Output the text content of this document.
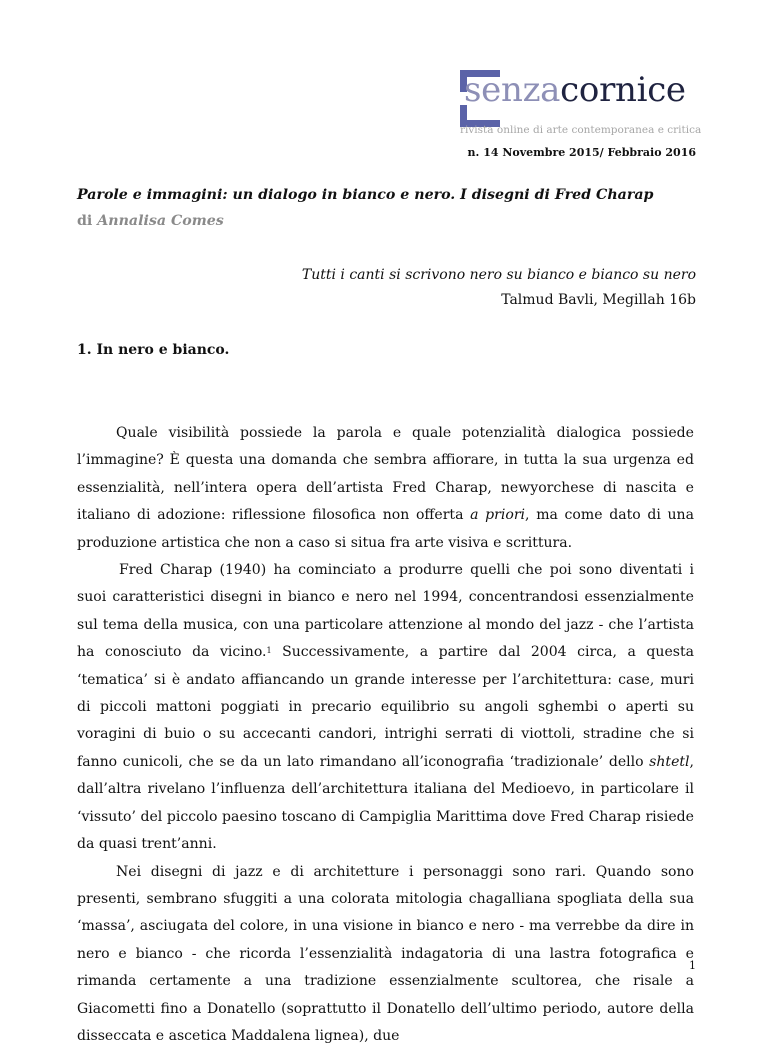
senzacornice
rivista online di arte contemporanea e critica
n. 14 Novembre 2015/ Febbraio 2016
Parole e immagini: un dialogo in bianco e nero. I disegni di Fred Charap
di Annalisa Comes
Tutti i canti si scrivono nero su bianco e bianco su nero
Talmud Bavli, Megillah 16b
1. In nero e bianco.

Quale visibilità possiede la parola e quale potenzialità dialogica possiede l’immagine? È questa una domanda che sembra affiorare, in tutta la sua urgenza ed essenzialità, nell’intera opera dell’artista Fred Charap, newyorchese di nascita e italiano di adozione: riflessione filosofica non offerta a priori, ma come dato di una produzione artistica che non a caso si situa fra arte visiva e scrittura.

Fred Charap (1940) ha cominciato a produrre quelli che poi sono diventati i suoi caratteristici disegni in bianco e nero nel 1994, concentrandosi essenzialmente sul tema della musica, con una particolare attenzione al mondo del jazz - che l’artista ha conosciuto da vicino.$^1$ Successivamente, a partire dal 2004 circa, a questa ‘tematica’ si è andato affiancando un grande interesse per l’architettura: case, muri di piccoli mattoni poggiati in precario equilibrio su angoli sghembi o aperti su voragini di buio o su accecanti candori, intrighi serrati di viottoli, stradine che si fanno cunicoli, che se da un lato rimandano all’iconografia ‘tradizionale’ dello shtetl, dall’altra rivelano l’influenza dell’architettura italiana del Medioevo, in particolare il ‘vissuto’ del piccolo paesino toscano di Campiglia Marittima dove Fred Charap risiede da quasi trent’anni.

Nei disegni di jazz e di architetture i personaggi sono rari. Quando sono presenti, sembrano sfuggiti a una colorata mitologia chagalliana spogliata della sua ‘massa’, asciugata del colore, in una visione in bianco e nero - ma verrebbe da dire in nero e bianco - che ricorda l’essenzialità indagatoria di una lastra fotografica e rimanda certamente a una tradizione essenzialmente scultorea, che risale a Giacometti fino a Donatello (soprattutto il Donatello dell’ultimo periodo, autore della disseccata e ascetica Maddalena lignea), due

1
